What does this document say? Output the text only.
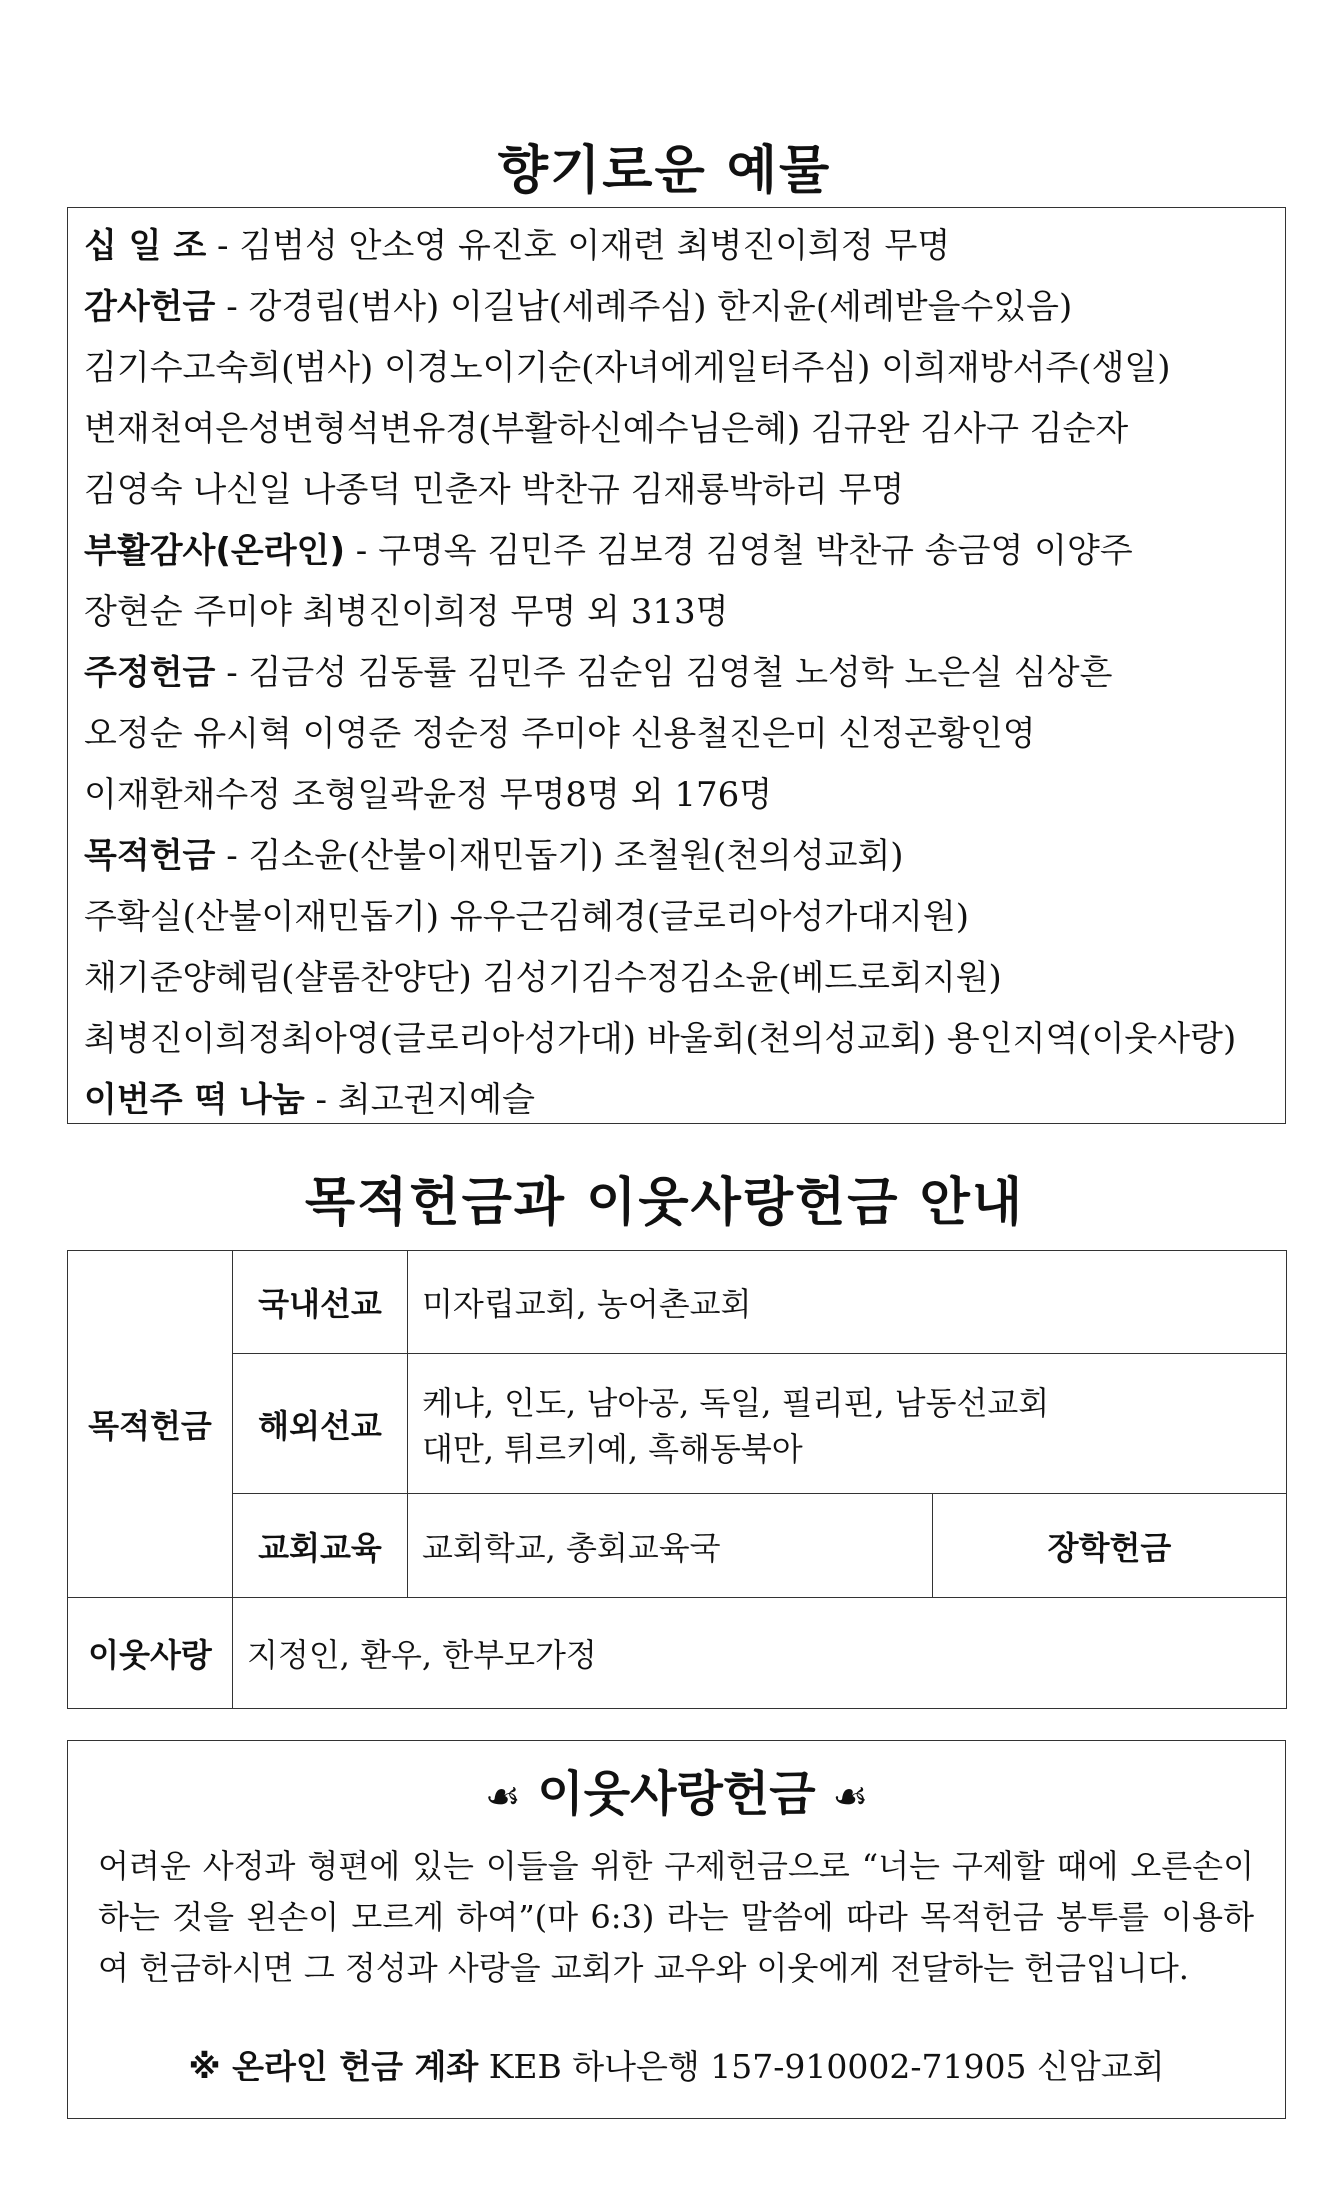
향기로운 예물
십 일 조 - 김범성 안소영 유진호 이재련 최병진이희정 무명
감사헌금 - 강경림(범사) 이길남(세례주심) 한지윤(세례받을수있음)
김기수고숙희(범사) 이경노이기순(자녀에게일터주심) 이희재방서주(생일)
변재천여은성변형석변유경(부활하신예수님은혜) 김규완 김사구 김순자
김영숙 나신일 나종덕 민춘자 박찬규 김재룡박하리 무명
부활감사(온라인) - 구명옥 김민주 김보경 김영철 박찬규 송금영 이양주
장현순 주미야 최병진이희정 무명 외 313명
주정헌금 - 김금성 김동률 김민주 김순임 김영철 노성학 노은실 심상흔
오정순 유시혁 이영준 정순정 주미야 신용철진은미 신정곤황인영
이재환채수정 조형일곽윤정 무명8명 외 176명
목적헌금 - 김소윤(산불이재민돕기) 조철원(천의성교회)
주확실(산불이재민돕기) 유우근김혜경(글로리아성가대지원)
채기준양혜림(샬롬찬양단) 김성기김수정김소윤(베드로회지원)
최병진이희정최아영(글로리아성가대) 바울회(천의성교회) 용인지역(이웃사랑)
이번주 떡 나눔 - 최고권지예슬
목적헌금과 이웃사랑헌금 안내
목적헌금	국내선교	미자립교회, 농어촌교회	
	해외선교	케냐, 인도, 남아공, 독일, 필리핀, 남동선교회
대만, 튀르키예, 흑해동북아	

	교회교육	교회학교, 총회교육국	장학헌금
이웃사랑	지정인, 환우, 한부모가정		
☙ 이웃사랑헌금 ☙
어려운 사정과 형편에 있는 이들을 위한 구제헌금으로 “너는 구제할 때에 오른손이 하는 것을 왼손이 모르게 하여”(마 6:3) 라는 말씀에 따라 목적헌금 봉투를 이용하여 헌금하시면 그 정성과 사랑을 교회가 교우와 이웃에게 전달하는 헌금입니다.
※ 온라인 헌금 계좌 KEB 하나은행 157-910002-71905 신암교회
